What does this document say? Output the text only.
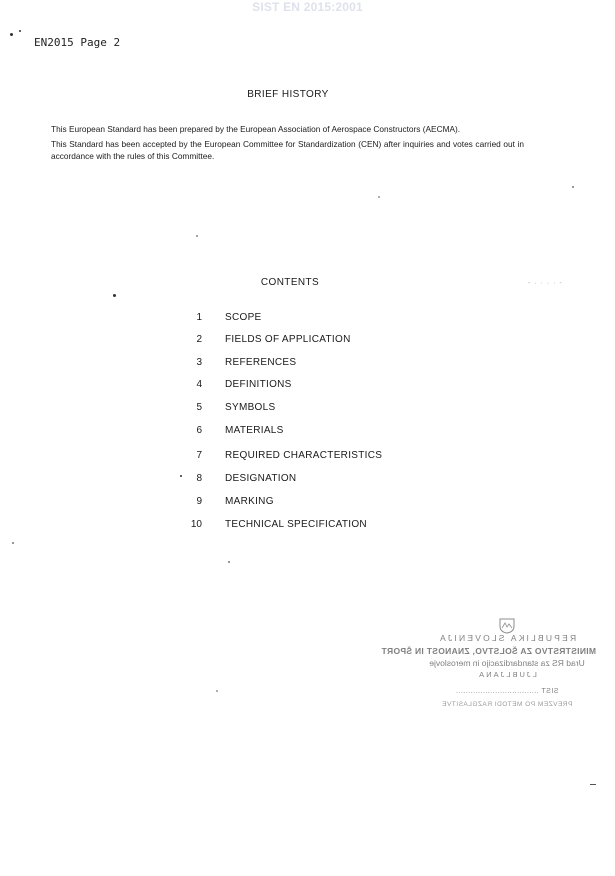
SIST EN 2015:2001
EN2015 Page 2
BRIEF HISTORY
This European Standard has been prepared by the European Association of Aerospace Constructors (AECMA).
This Standard has been accepted by the European Committee for Standardization (CEN) after inquiries and votes carried out in accordance with the rules of this Committee.
CONTENTS
1 SCOPE
2 FIELDS OF APPLICATION
3 REFERENCES
4 DEFINITIONS
5 SYMBOLS
6 MATERIALS
7 REQUIRED CHARACTERISTICS
8 DESIGNATION
9 MARKING
10 TECHNICAL SPECIFICATION
- · · · · -
REPUBLIKA SLOVENIJA
MINISTRSTVO ZA ŠOLSTVO, ZNANOST IN ŠPORT
Urad RS za standardizacijo in meroslovje
LJUBLJANA
SIST ..................................
PREVZEM PO METODI RAZGLASITVE
